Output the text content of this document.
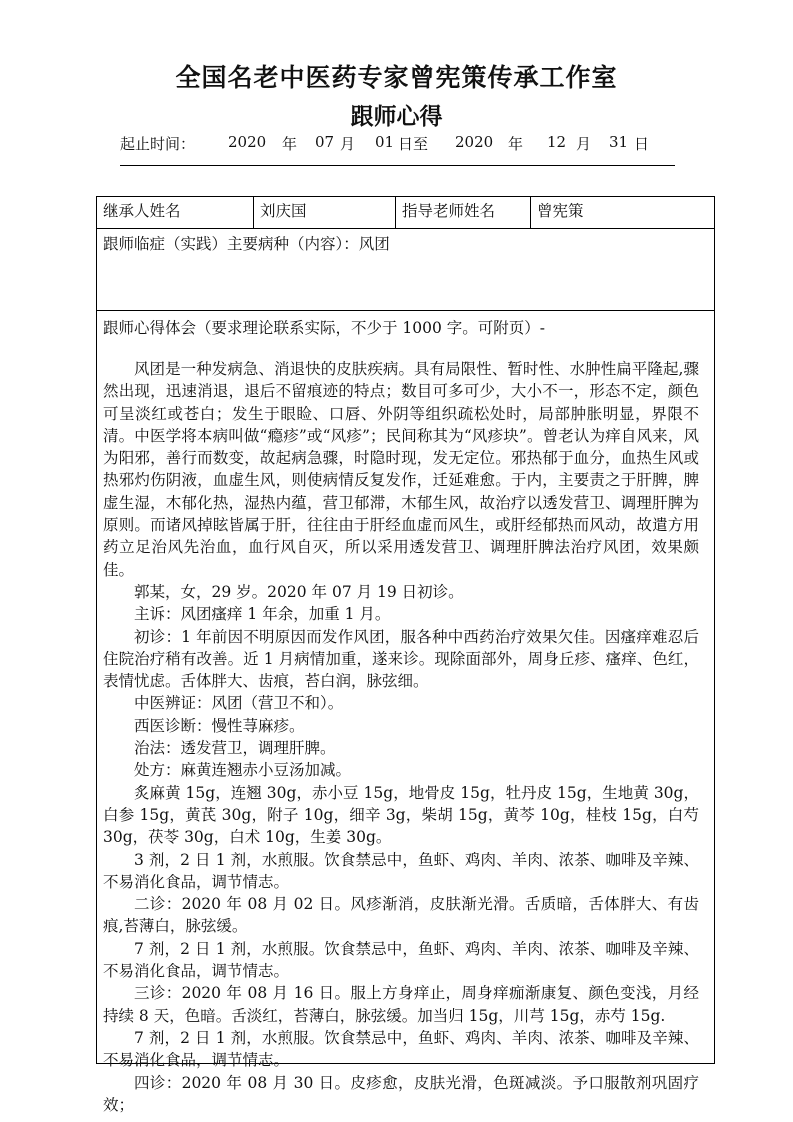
全国名老中医药专家曾宪策传承工作室
跟师心得
起止时间： 2020 年 07 月 01 日至 2020 年 12 月 31 日
继承人姓名	刘庆国	指导老师姓名	曾宪策
跟师临症（实践）主要病种（内容）：风团
跟师心得体会（要求理论联系实际，不少于 1000 字。可附页）-

风团是一种发病急、消退快的皮肤疾病。具有局限性、暂时性、水肿性扁平隆起,骤然出现，迅速消退，退后不留痕迹的特点；数目可多可少，大小不一，形态不定，颜色可呈淡红或苍白；发生于眼睑、口唇、外阴等组织疏松处时，局部肿胀明显，界限不清。中医学将本病叫做“瘾疹”或“风疹”；民间称其为“风疹块”。曾老认为痒自风来，风为阳邪，善行而数变，故起病急骤，时隐时现，发无定位。邪热郁于血分，血热生风或热邪灼伤阴液，血虚生风，则使病情反复发作，迁延难愈。于内，主要责之于肝脾，脾虚生湿，木郁化热，湿热内蕴，营卫郁滞，木郁生风，故治疗以透发营卫、调理肝脾为原则。而诸风掉眩皆属于肝，往往由于肝经血虚而风生，或肝经郁热而风动，故遣方用药立足治风先治血，血行风自灭，所以采用透发营卫、调理肝脾法治疗风团，效果颇佳。

郭某，女，29 岁。2020 年 07 月 19 日初诊。

主诉：风团瘙痒 1 年余，加重 1 月。

初诊：1 年前因不明原因而发作风团，服各种中西药治疗效果欠佳。因瘙痒难忍后住院治疗稍有改善。近 1 月病情加重，遂来诊。现除面部外，周身丘疹、瘙痒、色红，表情忧虑。舌体胖大、齿痕，苔白润，脉弦细。

中医辨证：风团（营卫不和）。

西医诊断：慢性荨麻疹。

治法：透发营卫，调理肝脾。

处方：麻黄连翘赤小豆汤加减。

炙麻黄 15g，连翘 30g，赤小豆 15g，地骨皮 15g，牡丹皮 15g，生地黄 30g，白参 15g，黄芪 30g，附子 10g，细辛 3g，柴胡 15g，黄芩 10g，桂枝 15g，白芍 30g，茯苓 30g，白术 10g，生姜 30g。

3 剂，2 日 1 剂，水煎服。饮食禁忌中，鱼虾、鸡肉、羊肉、浓茶、咖啡及辛辣、不易消化食品，调节情志。

二诊：2020 年 08 月 02 日。风疹渐消，皮肤渐光滑。舌质暗，舌体胖大、有齿痕,苔薄白，脉弦缓。

7 剂，2 日 1 剂，水煎服。饮食禁忌中，鱼虾、鸡肉、羊肉、浓茶、咖啡及辛辣、不易消化食品，调节情志。

三诊：2020 年 08 月 16 日。服上方身痒止，周身痒痂渐康复、颜色变浅，月经持续 8 天，色暗。舌淡红，苔薄白，脉弦缓。加当归 15g，川芎 15g，赤芍 15g.

7 剂，2 日 1 剂，水煎服。饮食禁忌中，鱼虾、鸡肉、羊肉、浓茶、咖啡及辛辣、不易消化食品，调节情志。

四诊：2020 年 08 月 30 日。皮疹愈，皮肤光滑，色斑减淡。予口服散剂巩固疗效；
